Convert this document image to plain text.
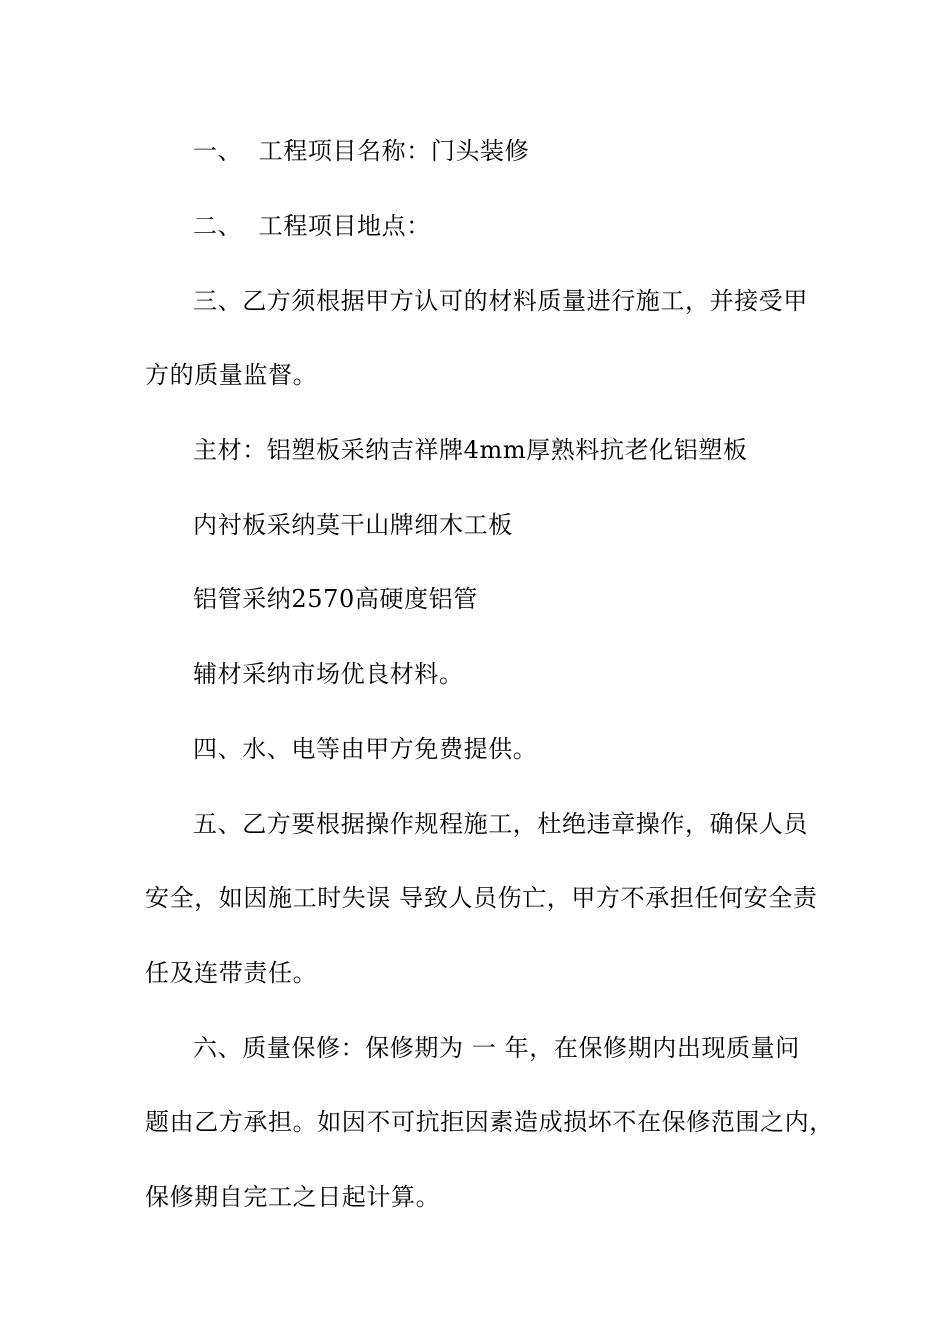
一、  工程项目名称：门头装修
二、  工程项目地点：
三、乙方须根据甲方认可的材料质量进行施工，并接受甲
方的质量监督。
主材：铝塑板采纳吉祥牌4mm厚熟料抗老化铝塑板
内衬板采纳莫干山牌细木工板
铝管采纳2570高硬度铝管
辅材采纳市场优良材料。
四、水、电等由甲方免费提供。
五、乙方要根据操作规程施工，杜绝违章操作，确保人员
安全，如因施工时失误 导致人员伤亡，甲方不承担任何安全责
任及连带责任。
六、质量保修：保修期为 一 年，在保修期内出现质量问
题由乙方承担。如因不可抗拒因素造成损坏不在保修范围之内，
保修期自完工之日起计算。
